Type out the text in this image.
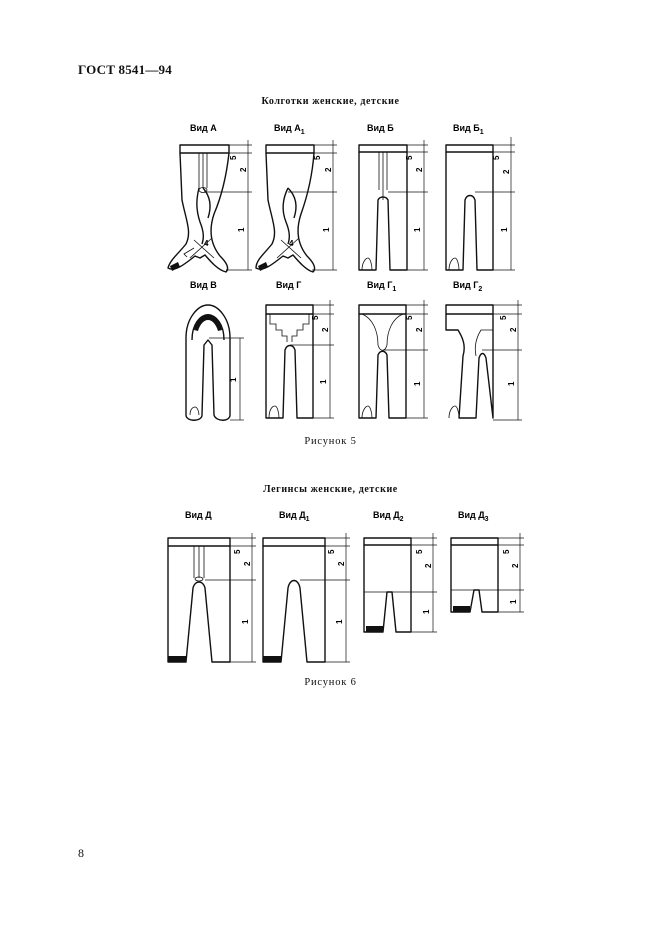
ГОСТ 8541—94
Колготки женские, детские
Рисунок 5
Легинсы женские, детские
Рисунок 6
8
Вид А	Вид $А_1$	Вид Б	Вид $Б_1$
Вид В	Вид Г	Вид $Г_1$	Вид $Г_2$
5
2
1
4
5
2
1
4
5
2
1
5
2
1
1
5
2
1
5
2
1
5
2
1
Вид Д	Вид $Д_1$	Вид $Д_2$	Вид $Д_3$
5
2
1
5
2
1
5
2
1
5
2
1
